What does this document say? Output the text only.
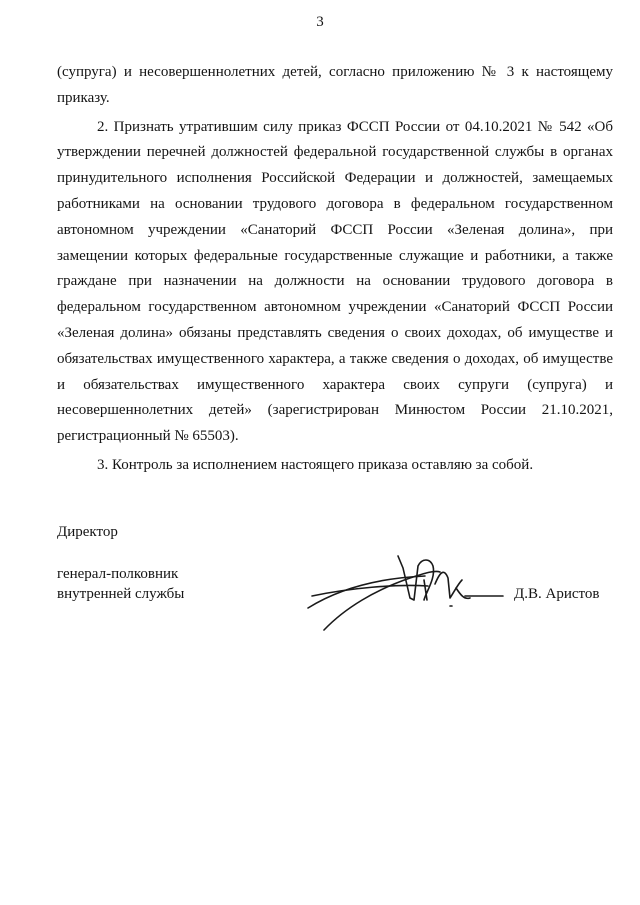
3

(супруга) и несовершеннолетних детей, согласно приложению № 3 к настоящему приказу.

2. Признать утратившим силу приказ ФССП России от 04.10.2021 № 542 «Об утверждении перечней должностей федеральной государственной службы в органах принудительного исполнения Российской Федерации и должностей, замещаемых работниками на основании трудового договора в федеральном государственном автономном учреждении «Санаторий ФССП России «Зеленая долина», при замещении которых федеральные государственные служащие и работники, а также граждане при назначении на должности на основании трудового договора в федеральном государственном автономном учреждении «Санаторий ФССП России «Зеленая долина» обязаны представлять сведения о своих доходах, об имуществе и обязательствах имущественного характера, а также сведения о доходах, об имуществе и обязательствах имущественного характера своих супруги (супруга) и несовершеннолетних детей» (зарегистрирован Минюстом России 21.10.2021, регистрационный № 65503).

3. Контроль за исполнением настоящего приказа оставляю за собой.

Директор
генерал-полковник
внутренней службы	Д.В. Аристов
